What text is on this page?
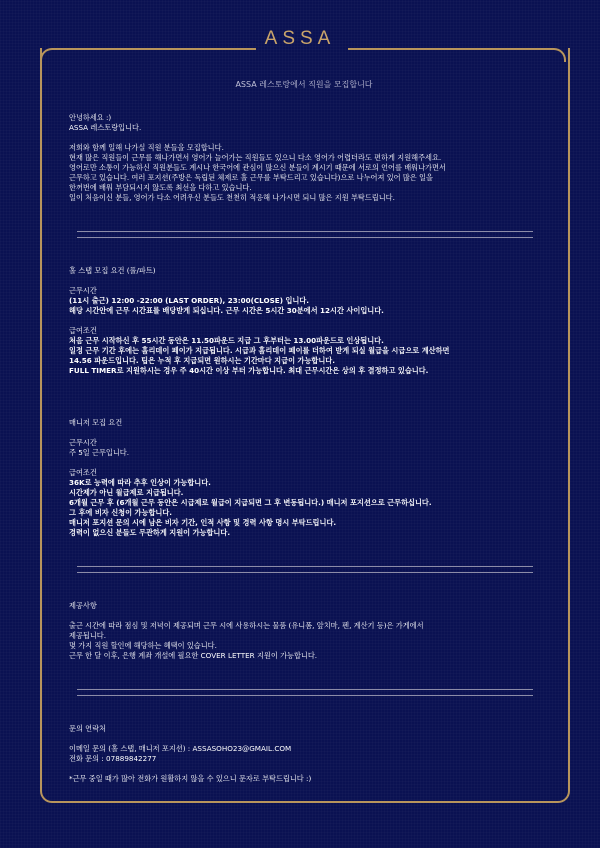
ASSA
ASSA 레스토랑에서 직원을 모집합니다

안녕하세요 :)

ASSA 레스토랑입니다.

저희와 함께 일해 나가실 직원 분들을 모집합니다.
현재 많은 직원들이 근무를 해나가면서 영어가 늘어가는 직원들도 있으니 다소 영어가 어렵더라도 편하게 지원해주세요.
영어로만 소통이 가능하신 직원분들도 계시나 한국어에 관심이 많으신 분들이 계시기 때문에 서로의 언어를 배워나가면서
근무하고 있습니다. 여러 포지션(주방은 독립된 체제로 홀 근무를 부탁드리고 있습니다)으로 나누어져 있어 많은 일을
한꺼번에 배워 부담되시지 않도록 최선을 다하고 있습니다.
일이 처음이신 분들, 영어가 다소 어려우신 분들도 천천히 적응해 나가시면 되니 많은 지원 부탁드립니다.

홀 스탭 모집 요건 (풀/파트)

근무시간

(11시 출근) 12:00 -22:00 (LAST ORDER), 23:00(CLOSE) 입니다.
해당 시간안에 근무 시간표를 배당받게 되십니다. 근무 시간은 5시간 30분에서 12시간 사이입니다.

급여조건

처음 근무 시작하신 후 55시간 동안은 11.50파운드 지급 그 후부터는 13.00파운드로 인상됩니다.
일정 근무 기간 후에는 홀리데이 페이가 지급됩니다. 시급과 홀리데이 페이를 더하여 받게 되실 월급을 시급으로 계산하면
14.56 파운드입니다. 팁은 누적 후 지급되면 원하시는 기간마다 지급이 가능합니다.
FULL TIMER로 지원하시는 경우 주 40시간 이상 부터 가능합니다. 최대 근무시간은 상의 후 결정하고 있습니다.

매니저 모집 요건

근무시간

주 5일 근무입니다.

급여조건

36K로 능력에 따라 추후 인상이 가능합니다.
시간제가 아닌 월급제로 지급됩니다.
6개월 근무 후 (6개월 근무 동안은 시급제로 월급이 지급되면 그 후 변동됩니다.) 매니저 포지션으로 근무하십니다.
그 후에 비자 신청이 가능합니다.
매니저 포지션 문의 시에 남은 비자 기간, 인적 사항 및 경력 사항 명시 부탁드립니다.
경력이 없으신 분들도 무관하게 지원이 가능합니다.

제공사항

출근 시간에 따라 점심 및 저녁이 제공되며 근무 시에 사용하시는 물품 (유니폼, 앞치마, 펜, 계산기 등)은 가게에서
제공됩니다.
몇 가지 직원 할인에 해당하는 혜택이 있습니다.
근무 한 달 이후, 은행 계좌 개설에 필요한 COVER LETTER 지원이 가능합니다.

문의 연락처

이메일 문의 (홀 스탭, 매니저 포지션) : ASSASOHO23@GMAIL.COM

전화 문의 : 07889842277

*근무 중일 때가 많아 전화가 원활하지 않을 수 있으니 문자로 부탁드립니다 :)
